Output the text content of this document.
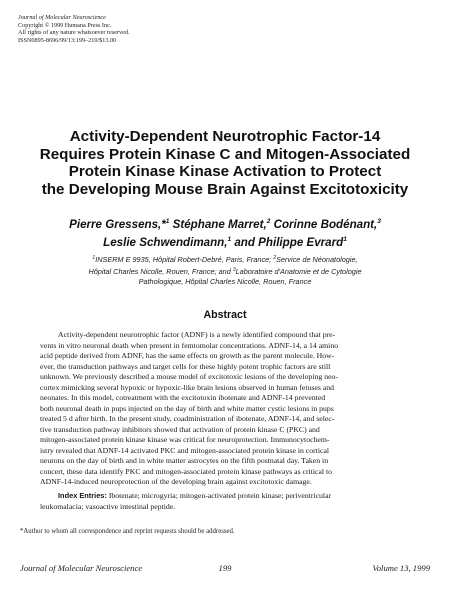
Journal of Molecular Neuroscience
Copyright © 1999 Humana Press Inc.
All rights of any nature whatsoever reserved.
ISSN0895-8696/99/13:199–210/$13.00
Activity-Dependent Neurotrophic Factor-14
Requires Protein Kinase C and Mitogen-Associated
Protein Kinase Kinase Activation to Protect
the Developing Mouse Brain Against Excitotoxicity
Pierre Gressens,*$^1$ Stéphane Marret,$^2$ Corinne Bodénant,$^3$
Leslie Schwendimann,$^1$ and Philippe Evrard$^1$
$^1$INSERM E 9935, Hôpital Robert-Debré, Paris, France; $^2$Service de Néonatologie,
Hôpital Charles Nicolle, Rouen, France; and $^3$Laboratoire d'Anatomie et de Cytologie
Pathologique, Hôpital Charles Nicolle, Rouen, France
Abstract
Activity-dependent neurotrophic factor (ADNF) is a newly identified compound that pre-
vents in vitro neuronal death when present in femtomolar concentrations. ADNF-14, a 14 amino
acid peptide derived from ADNF, has the same effects on growth as the parent molecule. How-
ever, the transduction pathways and target cells for these highly potent trophic factors are still
unknown. We previously described a mouse model of excitotoxic lesions of the developing neo-
cortex mimicking several hypoxic or hypoxic-like brain lesions observed in human fetuses and
neonates. In this model, cotreatment with the excitotoxin ibotenate and ADNF-14 prevented
both neuronal death in pups injected on the day of birth and white matter cystic lesions in pups
treated 5 d after birth. In the present study, coadministration of ibotenate, ADNF-14, and selec-
tive transduction pathway inhibitors showed that activation of protein kinase C (PKC) and
mitogen-associated protein kinase kinase was critical for neuroprotection. Immunocytochem-
istry revealed that ADNF-14 activated PKC and mitogen-associated protein kinase in cortical
neurons on the day of birth and in white matter astrocytes on the fifth postnatal day. Taken in
concert, these data identify PKC and mitogen-associated protein kinase pathways as critical to
ADNF-14-induced neuroprotection of the developing brain against excitotoxic damage.
Index Entries: Ibotenate; microgyria; mitogen-activated protein kinase; periventricular
leukomalacia; vasoactive intestinal peptide.
*Author to whom all correspondence and reprint requests should be addressed.
Journal of Molecular Neuroscience	199	Volume 13, 1999
